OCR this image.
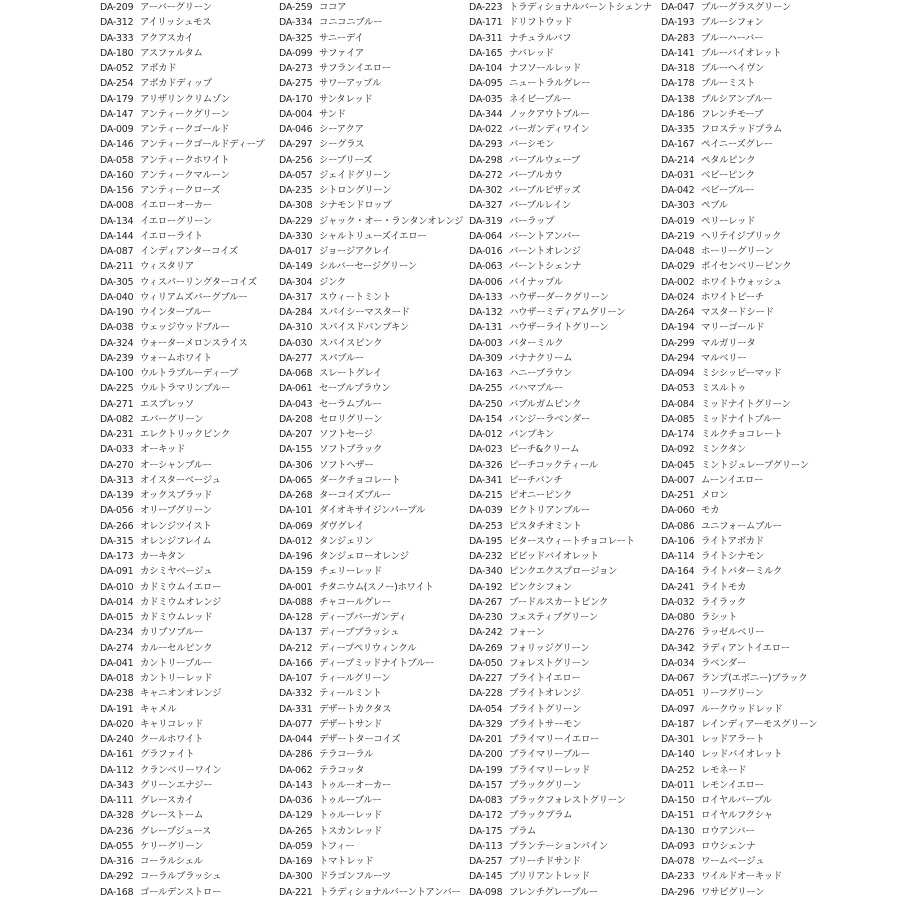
DA-209 アーバーグリーン
DA-312 アイリッシュモス
DA-333 アクアスカイ
DA-180 アスファルタム
DA-052 アボカド
DA-254 アボカドディップ
DA-179 アリザリンクリムゾン
DA-147 アンティークグリーン
DA-009 アンティークゴールド
DA-146 アンティークゴールドディープ
DA-058 アンティークホワイト
DA-160 アンティークマルーン
DA-156 アンティークローズ
DA-008 イエローオーカー
DA-134 イエローグリーン
DA-144 イエローライト
DA-087 インディアンターコイズ
DA-211 ウィスタリア
DA-305 ウィスパーリングターコイズ
DA-040 ウィリアムズバーグブルー
DA-190 ウインターブルー
DA-038 ウェッジウッドブルー
DA-324 ウォーターメロンスライス
DA-239 ウォームホワイト
DA-100 ウルトラブルーディープ
DA-225 ウルトラマリンブルー
DA-271 エスプレッソ
DA-082 エバーグリーン
DA-231 エレクトリックピンク
DA-033 オーキッド
DA-270 オーシャンブルー
DA-313 オイスターベージュ
DA-139 オックスブラッド
DA-056 オリーブグリーン
DA-266 オレンジツイスト
DA-315 オレンジフレイム
DA-173 カーキタン
DA-091 カシミヤベージュ
DA-010 カドミウムイエロー
DA-014 カドミウムオレンジ
DA-015 カドミウムレッド
DA-234 カリブソブルー
DA-274 カルーセルピンク
DA-041 カントリーブルー
DA-018 カントリーレッド
DA-238 キャニオンオレンジ
DA-191 キャメル
DA-020 キャリコレッド
DA-240 クールホワイト
DA-161 グラファイト
DA-112 クランベリーワイン
DA-343 グリーンエナジー
DA-111 グレースカイ
DA-328 グレーストーム
DA-236 グレープジュース
DA-055 ケリーグリーン
DA-316 コーラルシェル
DA-292 コーラルブラッシュ
DA-168 ゴールデンストロー
DA-259 ココア
DA-334 コニコニブルー
DA-325 サニーデイ
DA-099 サファイア
DA-273 サフランイエロー
DA-275 サワーアップル
DA-170 サンタレッド
DA-004 サンド
DA-046 シーアクア
DA-297 シーグラス
DA-256 シーブリーズ
DA-057 ジェイドグリーン
DA-235 シトロングリーン
DA-308 シナモンドロップ
DA-229 ジャック・オー・ランタンオレンジ
DA-330 シャルトリューズイエロー
DA-017 ジョージアクレイ
DA-149 シルバーセージグリーン
DA-304 ジンク
DA-317 スウィートミント
DA-284 スパイシーマスタード
DA-310 スパイスドパンプキン
DA-030 スパイスピンク
DA-277 スパブルー
DA-068 スレートグレイ
DA-061 セーブルブラウン
DA-043 セーラムブルー
DA-208 セロリグリーン
DA-207 ソフトセージ
DA-155 ソフトブラック
DA-306 ソフトヘザー
DA-065 ダークチョコレート
DA-268 ターコイズブルー
DA-101 ダイオキサイジンパープル
DA-069 ダヴグレイ
DA-012 タンジェリン
DA-196 タンジェローオレンジ
DA-159 チェリーレッド
DA-001 チタニウム(スノー)ホワイト
DA-088 チャコールグレー
DA-128 ディープバーガンディ
DA-137 ディーブブラッシュ
DA-212 ディープペリウィンクル
DA-166 ディープミッドナイトブルー
DA-107 ティールグリーン
DA-332 ティールミント
DA-331 デザートカクタス
DA-077 デザートサンド
DA-044 デザートターコイズ
DA-286 テラコーラル
DA-062 テラコッタ
DA-143 トゥルーオーカー
DA-036 トゥルーブルー
DA-129 トゥルーレッド
DA-265 トスカンレッド
DA-059 トフィー
DA-169 トマトレッド
DA-300 ドラゴンフルーツ
DA-221 トラディショナルバーントアンバー
DA-223 トラディショナルバーントシェンナ
DA-171 ドリフトウッド
DA-311 ナチュラルバフ
DA-165 ナバレッド
DA-104 ナフソールレッド
DA-095 ニュートラルグレー
DA-035 ネイビーブルー
DA-344 ノックアウトブルー
DA-022 バーガンディワイン
DA-293 バーシモン
DA-298 バーブルウェーブ
DA-272 バーブルカウ
DA-302 バーブルピザッズ
DA-327 バーブルレイン
DA-319 バーラップ
DA-064 バーントアンバー
DA-016 バーントオレンジ
DA-063 バーントシェンナ
DA-006 バイナップル
DA-133 ハウザーダークグリーン
DA-132 ハウザーミディアムグリーン
DA-131 ハウザーライトグリーン
DA-003 バターミルク
DA-309 バナナクリーム
DA-163 ハニーブラウン
DA-255 バハマブルー
DA-250 バブルガムピンク
DA-154 バンジーラベンダー
DA-012 バンプキン
DA-023 ピーチ&クリーム
DA-326 ピーチコックティール
DA-341 ピーチバンチ
DA-215 ピオニーピンク
DA-039 ビクトリアンブルー
DA-253 ピスタチオミント
DA-195 ビタースウィートチョコレート
DA-232 ビビッドバイオレット
DA-340 ピンクエクスプロージョン
DA-192 ピンクシフォン
DA-267 ブードルスカートピンク
DA-230 フェスティブグリーン
DA-242 フォーン
DA-269 フォリッジグリーン
DA-050 フォレストグリーン
DA-227 ブライトイエロー
DA-228 ブライトオレンジ
DA-054 ブライトグリーン
DA-329 ブライトサーモン
DA-201 ブライマリーイエロー
DA-200 ブライマリーブルー
DA-199 ブライマリーレッド
DA-157 ブラックグリーン
DA-083 ブラックフォレストグリーン
DA-172 ブラックプラム
DA-175 プラム
DA-113 プランテーションパイン
DA-257 ブリーチドサンド
DA-145 ブリリアントレッド
DA-098 フレンチグレーブルー
DA-047 ブルーグラスグリーン
DA-193 ブルーシフォン
DA-283 ブルーハーバー
DA-141 ブルーバイオレット
DA-318 ブルーヘイヴン
DA-178 ブルーミスト
DA-138 ブルシアンブルー
DA-186 フレンチモーブ
DA-335 フロステッドプラム
DA-167 ペイニーズグレー
DA-214 ペタルピンク
DA-031 ベビーピンク
DA-042 ベビーブルー
DA-303 ペブル
DA-019 ペリーレッド
DA-219 ヘリテイジブリック
DA-048 ホーリーグリーン
DA-029 ポイセンベリーピンク
DA-002 ホワイトウォッシュ
DA-024 ホワイトピーチ
DA-264 マスタードシード
DA-194 マリーゴールド
DA-299 マルガリータ
DA-294 マルベリー
DA-094 ミシシッピーマッド
DA-053 ミスルトゥ
DA-084 ミッドナイトグリーン
DA-085 ミッドナイトブルー
DA-174 ミルクチョコレート
DA-092 ミンクタン
DA-045 ミントジュレープグリーン
DA-007 ムーンイエロー
DA-251 メロン
DA-060 モカ
DA-086 ユニフォームブルー
DA-106 ライトアボカド
DA-114 ライトシナモン
DA-164 ライトバターミルク
DA-241 ライトモカ
DA-032 ライラック
DA-080 ラシット
DA-276 ラッゼルベリー
DA-342 ラディアントイエロー
DA-034 ラベンダー
DA-067 ランプ(エボニー)ブラック
DA-051 リーフグリーン
DA-097 ルークウッドレッド
DA-187 レインディアーモスグリーン
DA-301 レッドアラート
DA-140 レッドバイオレット
DA-252 レモネード
DA-011 レモンイエロー
DA-150 ロイヤルバーブル
DA-151 ロイヤルフクシャ
DA-130 ロウアンバー
DA-093 ロウシェンナ
DA-078 ワームベージュ
DA-233 ワイルドオーキッド
DA-296 ワサビグリーン
